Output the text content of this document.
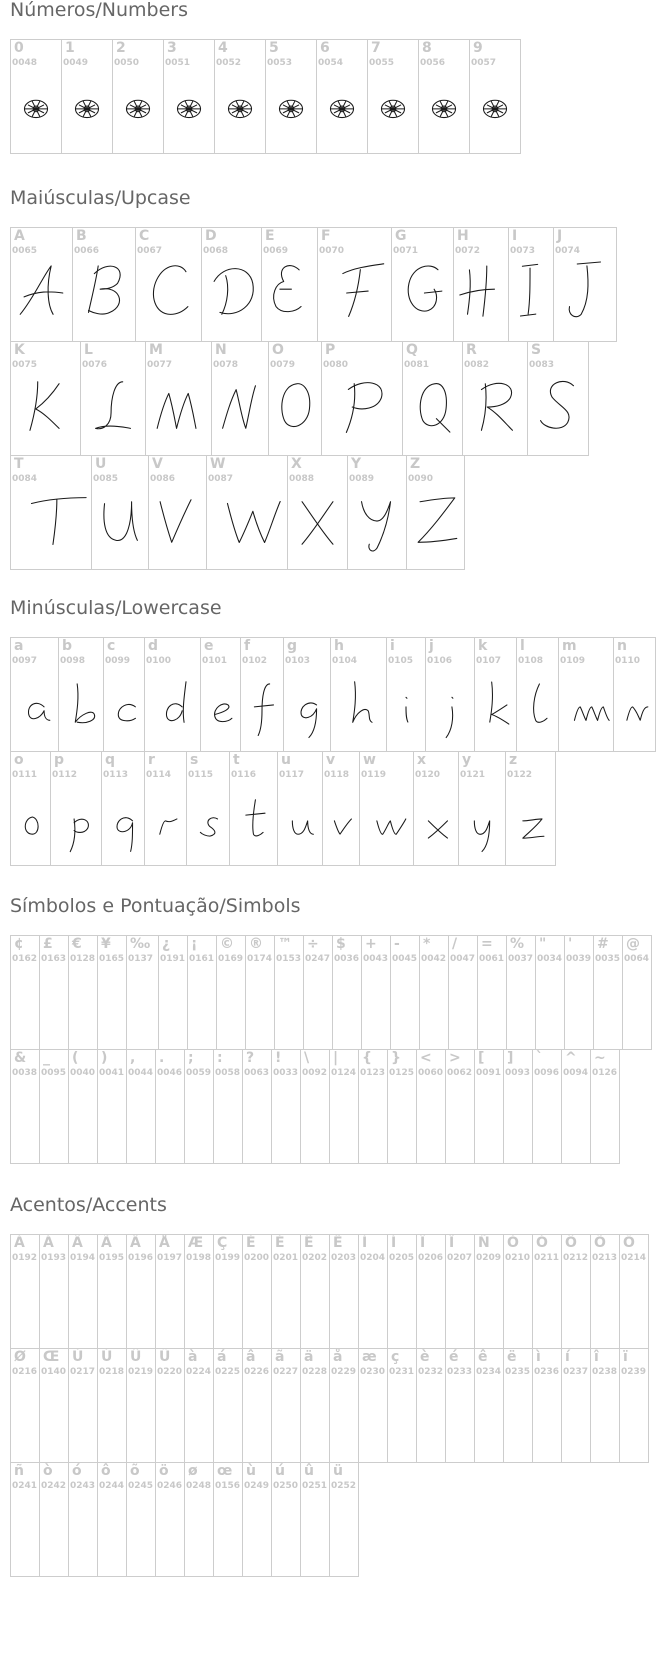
Números/Numbers
0
0048
1
0049
2
0050
3
0051
4
0052
5
0053
6
0054
7
0055
8
0056
9
0057
Maiúsculas/Upcase
A
0065
B
0066
C
0067
D
0068
E
0069
F
0070
G
0071
H
0072
I
0073
J
0074
K
0075
L
0076
M
0077
N
0078
O
0079
P
0080
Q
0081
R
0082
S
0083
T
0084
U
0085
V
0086
W
0087
X
0088
Y
0089
Z
0090
Minúsculas/Lowercase
a
0097
b
0098
c
0099
d
0100
e
0101
f
0102
g
0103
h
0104
i
0105
j
0106
k
0107
l
0108
m
0109
n
0110
o
0111
p
0112
q
0113
r
0114
s
0115
t
0116
u
0117
v
0118
w
0119
x
0120
y
0121
z
0122
Símbolos e Pontuação/Simbols
¢
0162
£
0163
€
0128
¥
0165
‰
0137
¿
0191
¡
0161
©
0169
®
0174
™
0153
÷
0247
$
0036
+
0043
-
0045
*
0042
/
0047
=
0061
%
0037
"
0034
'
0039
#
0035
@
0064
&
0038
_
0095
(
0040
)
0041
,
0044
.
0046
;
0059
:
0058
?
0063
!
0033
\
0092
|
0124
{
0123
}
0125
<
0060
>
0062
[
0091
]
0093
`
0096
^
0094
~
0126
Acentos/Accents
À
0192
Á
0193
Â
0194
Ã
0195
Ä
0196
Å
0197
Æ
0198
Ç
0199
È
0200
É
0201
Ê
0202
Ë
0203
Ì
0204
Í
0205
Î
0206
Ï
0207
Ñ
0209
Ò
0210
Ó
0211
Ô
0212
Õ
0213
Ö
0214
Ø
0216
Œ
0140
Ù
0217
Ú
0218
Û
0219
Ü
0220
à
0224
á
0225
â
0226
ã
0227
ä
0228
å
0229
æ
0230
ç
0231
è
0232
é
0233
ê
0234
ë
0235
ì
0236
í
0237
î
0238
ï
0239
ñ
0241
ò
0242
ó
0243
ô
0244
õ
0245
ö
0246
ø
0248
œ
0156
ù
0249
ú
0250
û
0251
ü
0252
